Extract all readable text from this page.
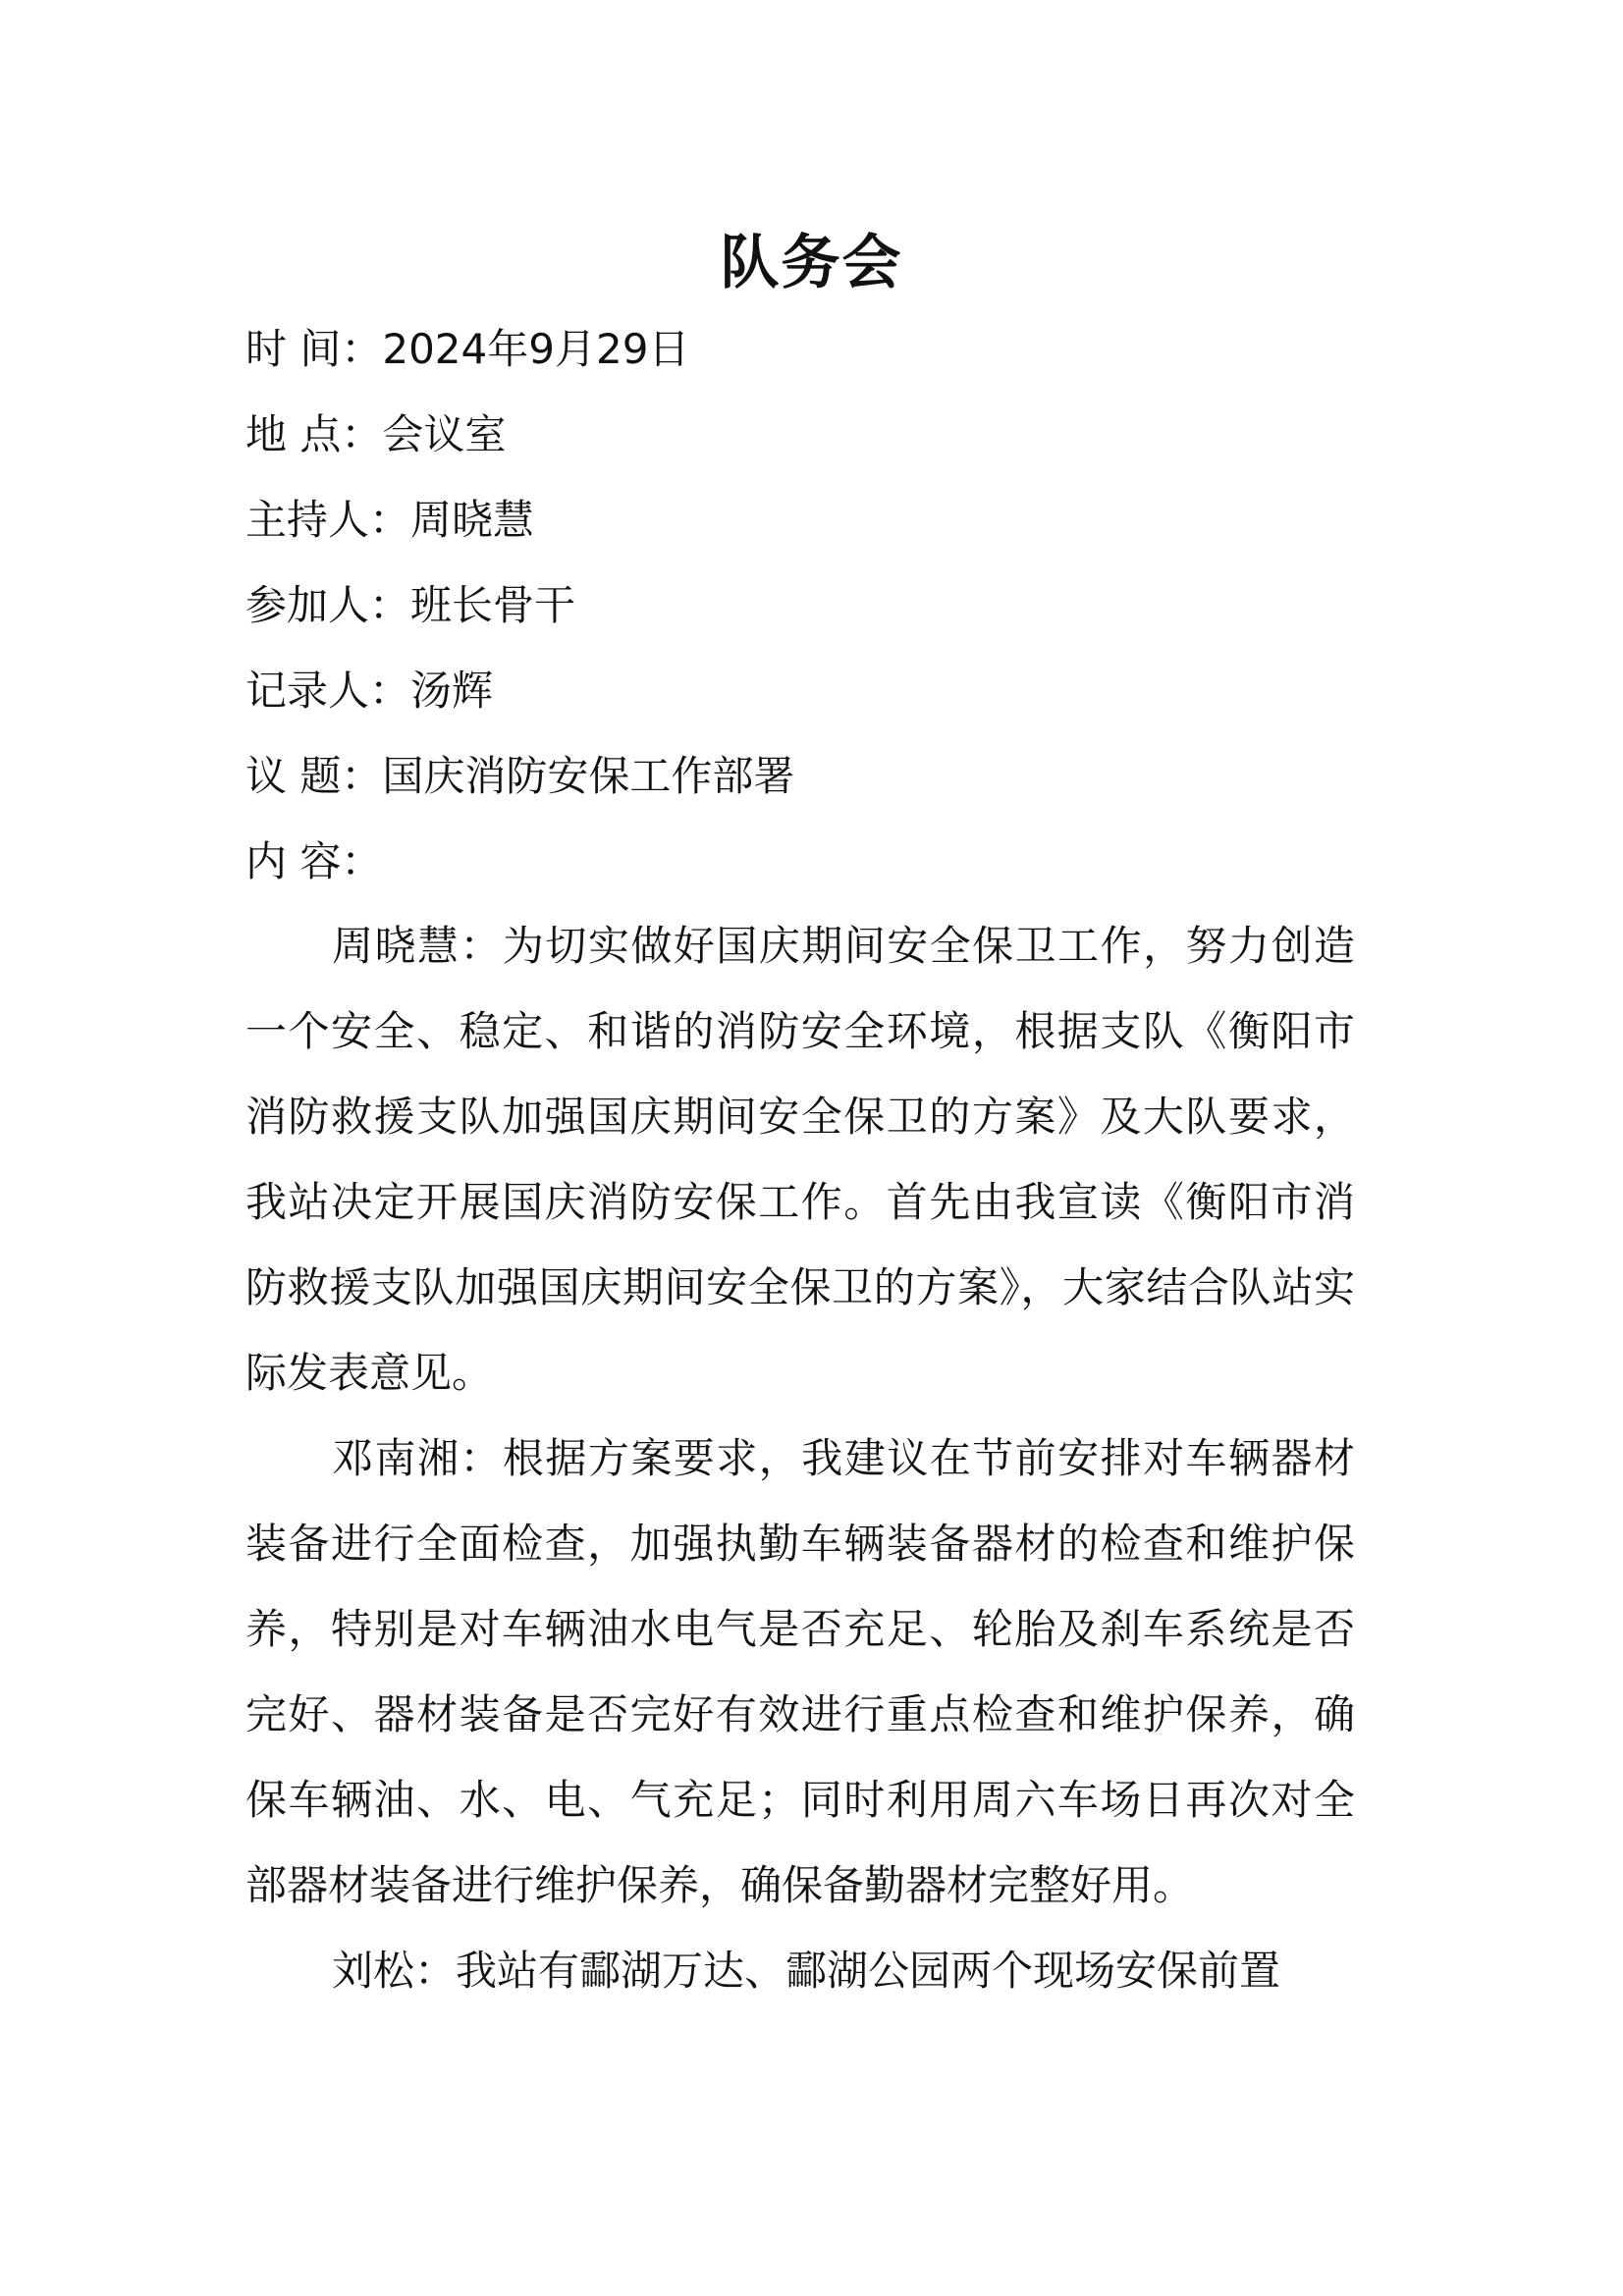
队务会
时 间：2024年9月29日
地 点：会议室
主持人：周晓慧
参加人：班长骨干
记录人：汤辉
议 题：国庆消防安保工作部署
内 容：

周晓慧：为切实做好国庆期间安全保卫工作，努力创造一个安全、稳定、和谐的消防安全环境，根据支队《衡阳市消防救援支队加强国庆期间安全保卫的方案》及大队要求，我站决定开展国庆消防安保工作。首先由我宣读《衡阳市消防救援支队加强国庆期间安全保卫的方案》，大家结合队站实际发表意见。

邓南湘：根据方案要求，我建议在节前安排对车辆器材装备进行全面检查，加强执勤车辆装备器材的检查和维护保养，特别是对车辆油水电气是否充足、轮胎及刹车系统是否完好、器材装备是否完好有效进行重点检查和维护保养，确保车辆油、水、电、气充足；同时利用周六车场日再次对全部器材装备进行维护保养，确保备勤器材完整好用。

刘松：我站有酃湖万达、酃湖公园两个现场安保前置
